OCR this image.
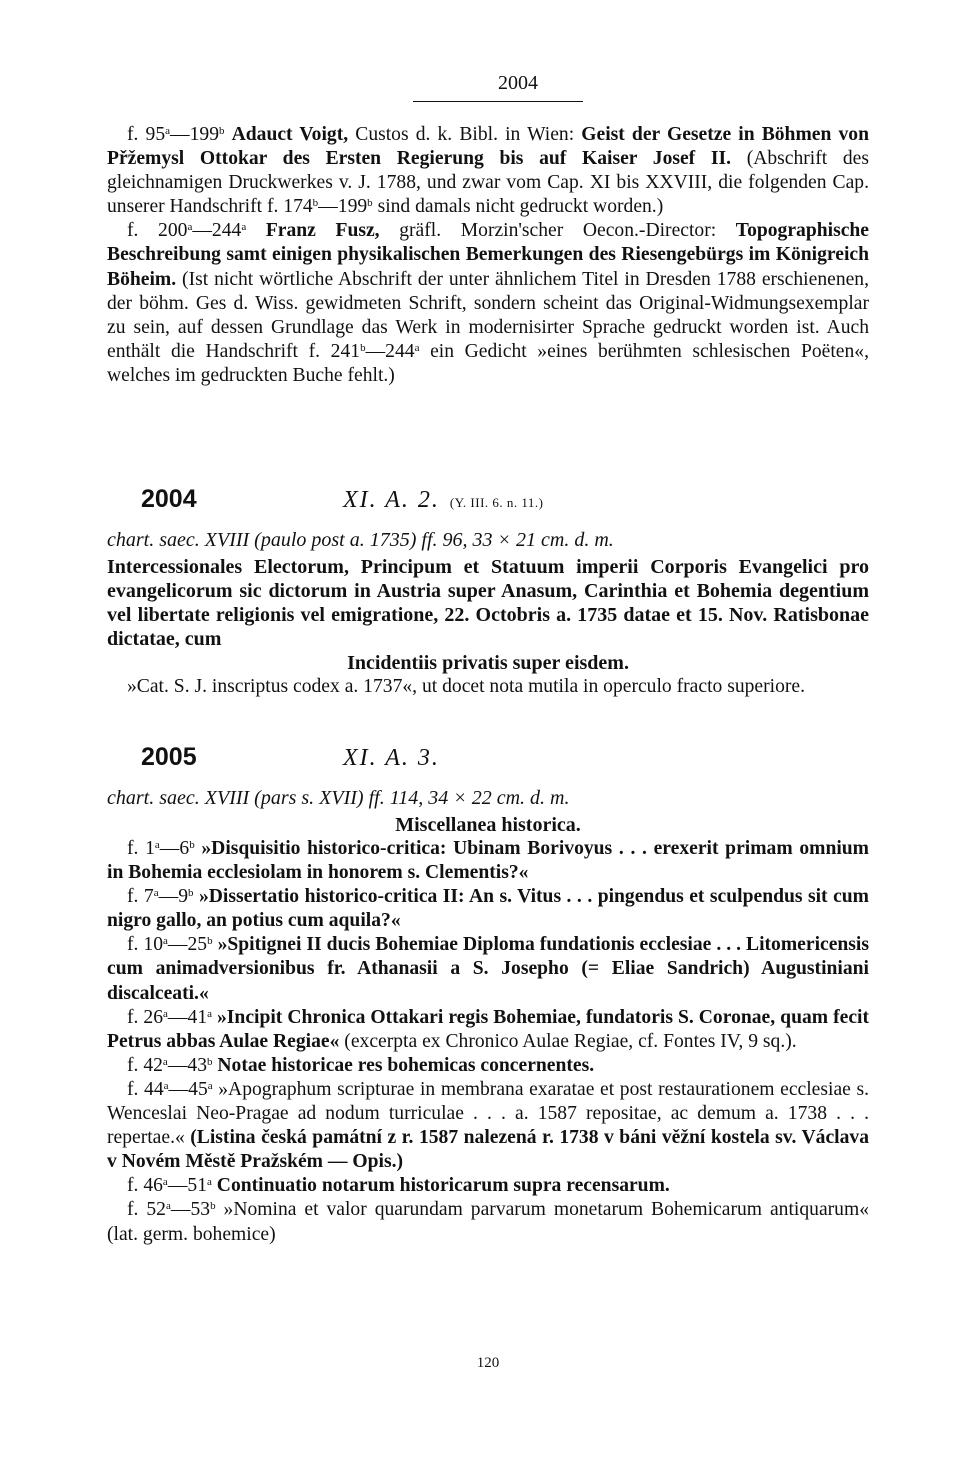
2004

f. 95$^a$—199$^b$ Adauct Voigt, Custos d. k. Bibl. in Wien: Geist der Gesetze in Böhmen von Přžemysl Ottokar des Ersten Regierung bis auf Kaiser Josef II. (Abschrift des gleichnamigen Druckwerkes v. J. 1788, und zwar vom Cap. XI bis XXVIII, die folgenden Cap. unserer Handschrift f. 174$^b$—199$^b$ sind damals nicht gedruckt worden.)

f. 200$^a$—244$^a$ Franz Fusz, gräfl. Morzin'scher Oecon.-Director: Topographische Beschreibung samt einigen physikalischen Bemerkungen des Riesengebürgs im Königreich Böheim. (Ist nicht wörtliche Abschrift der unter ähnlichem Titel in Dresden 1788 erschienenen, der böhm. Ges d. Wiss. gewidmeten Schrift, sondern scheint das Original-Widmungsexemplar zu sein, auf dessen Grundlage das Werk in modernisirter Sprache gedruckt worden ist. Auch enthält die Handschrift f. 241$^b$—244$^a$ ein Gedicht »eines berühmten schlesischen Poëten«, welches im gedruckten Buche fehlt.)

2004	XI. A. 2. (Y. III. 6. n. 11.)

chart. saec. XVIII (paulo post a. 1735) ff. 96, 33 × 21 cm. d. m.

Intercessionales Electorum, Principum et Statuum imperii Corporis Evangelici pro evangelicorum sic dictorum in Austria super Anasum, Carinthia et Bohemia degentium vel libertate religionis vel emigratione, 22. Octobris a. 1735 datae et 15. Nov. Ratisbonae dictatae, cum

Incidentiis privatis super eisdem.

»Cat. S. J. inscriptus codex a. 1737«, ut docet nota mutila in operculo fracto superiore.

2005	XI. A. 3.

chart. saec. XVIII (pars s. XVII) ff. 114, 34 × 22 cm. d. m.

Miscellanea historica.

f. 1$^a$—6$^b$ »Disquisitio historico-critica: Ubinam Borivoyus . . . erexerit primam omnium in Bohemia ecclesiolam in honorem s. Clementis?«

f. 7$^a$—9$^b$ »Dissertatio historico-critica II: An s. Vitus . . . pingendus et sculpendus sit cum nigro gallo, an potius cum aquila?«

f. 10$^a$—25$^b$ »Spitignei II ducis Bohemiae Diploma fundationis ecclesiae . . . Litomericensis cum animadversionibus fr. Athanasii a S. Josepho (= Eliae Sandrich) Augustiniani discalceati.«

f. 26$^a$—41$^a$ »Incipit Chronica Ottakari regis Bohemiae, fundatoris S. Coronae, quam fecit Petrus abbas Aulae Regiae« (excerpta ex Chronico Aulae Regiae, cf. Fontes IV, 9 sq.).

f. 42$^a$—43$^b$ Notae historicae res bohemicas concernentes.

f. 44$^a$—45$^a$ »Apographum scripturae in membrana exaratae et post restaurationem ecclesiae s. Wenceslai Neo-Pragae ad nodum turriculae . . . a. 1587 repositae, ac demum a. 1738 . . . repertae.« (Listina česká památní z r. 1587 nalezená r. 1738 v báni věžní kostela sv. Václava v Novém Městě Pražském — Opis.)

f. 46$^a$—51$^a$ Continuatio notarum historicarum supra recensarum.

f. 52$^a$—53$^b$ »Nomina et valor quarundam parvarum monetarum Bohemicarum antiquarum« (lat. germ. bohemice)

120
